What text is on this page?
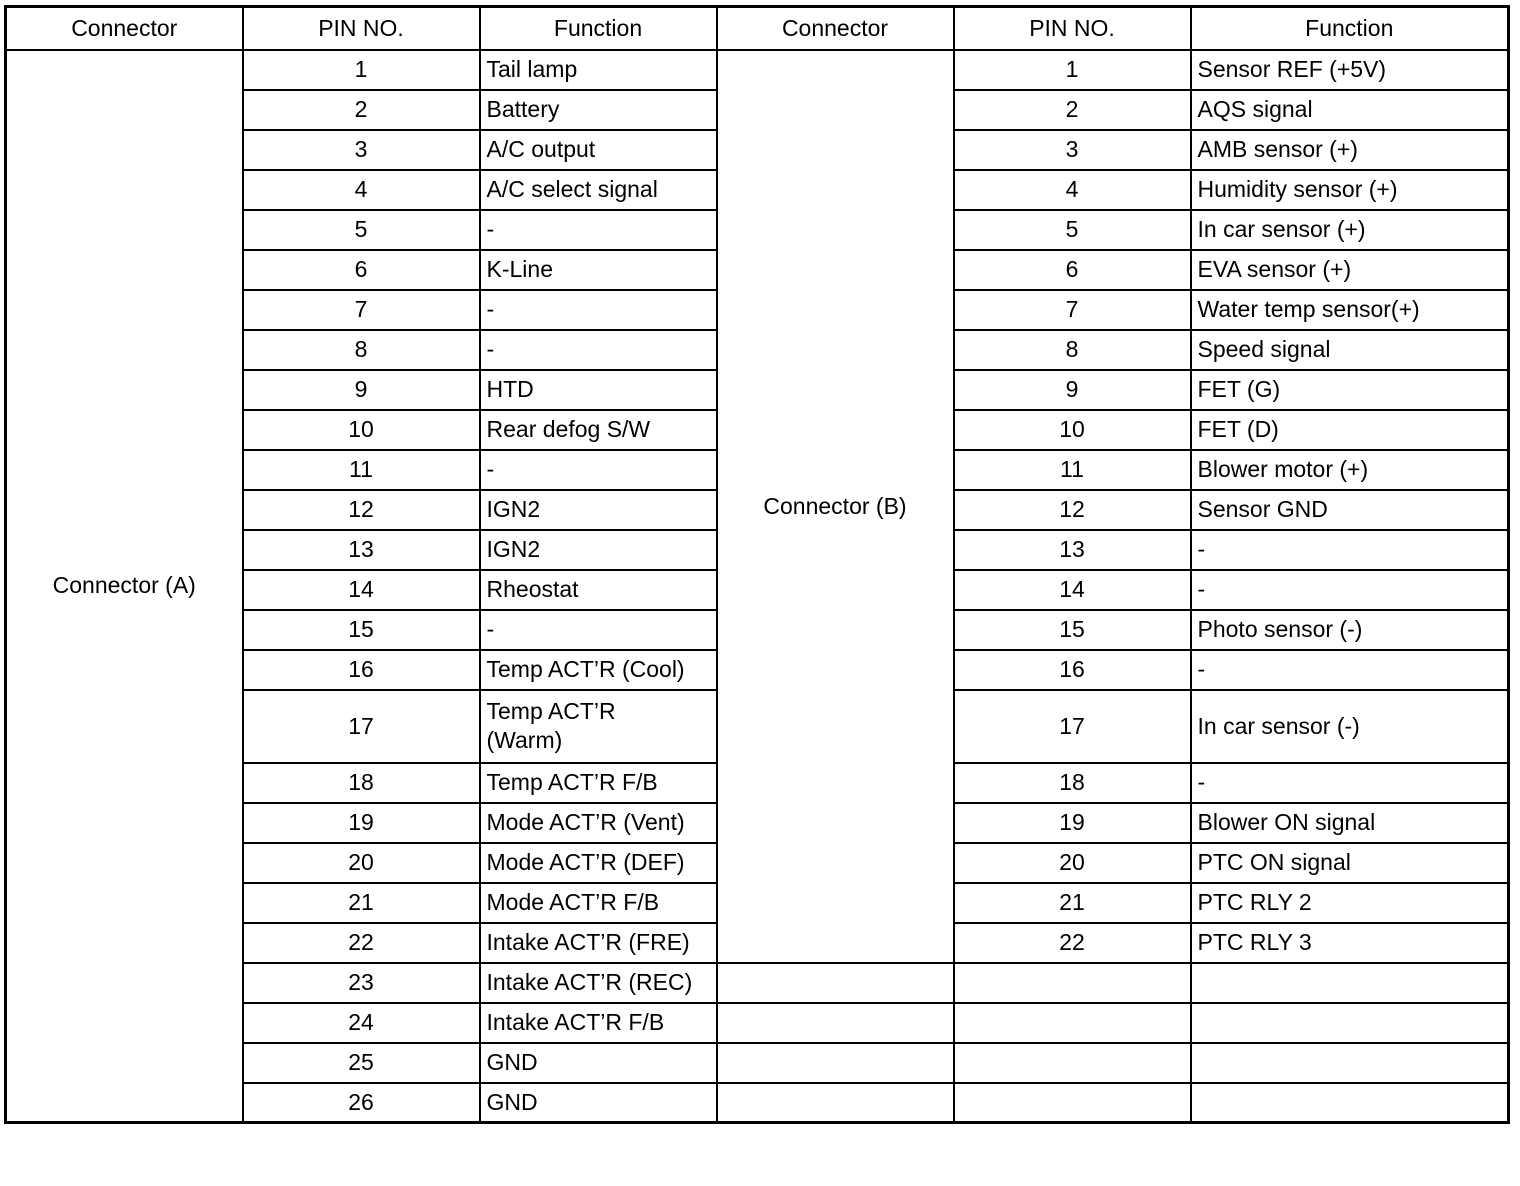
Connector	PIN NO.	Function	Connector	PIN NO.	Function
Connector (A)	1	Tail lamp	Connector (B)	1	Sensor REF (+5V)
	2	Battery		2	AQS signal
	3	A/C output		3	AMB sensor (+)
	4	A/C select signal		4	Humidity sensor (+)
	5	-		5	In car sensor (+)
	6	K-Line		6	EVA sensor (+)
	7	-		7	Water temp sensor(+)
	8	-		8	Speed signal
	9	HTD		9	FET (G)
	10	Rear defog S/W		10	FET (D)
	11	-		11	Blower motor (+)
	12	IGN2		12	Sensor GND
	13	IGN2		13	-
	14	Rheostat		14	-
	15	-		15	Photo sensor (-)
	16	Temp ACT’R (Cool)		16	-
	17	Temp ACT’R (Warm)		17	In car sensor (-)
	18	Temp ACT’R F/B		18	-
	19	Mode ACT’R (Vent)		19	Blower ON signal
	20	Mode ACT’R (DEF)		20	PTC ON signal
	21	Mode ACT’R F/B		21	PTC RLY 2
	22	Intake ACT’R (FRE)		22	PTC RLY 3
	23	Intake ACT’R (REC)			
	24	Intake ACT’R F/B			
	25	GND			
	26	GND			
